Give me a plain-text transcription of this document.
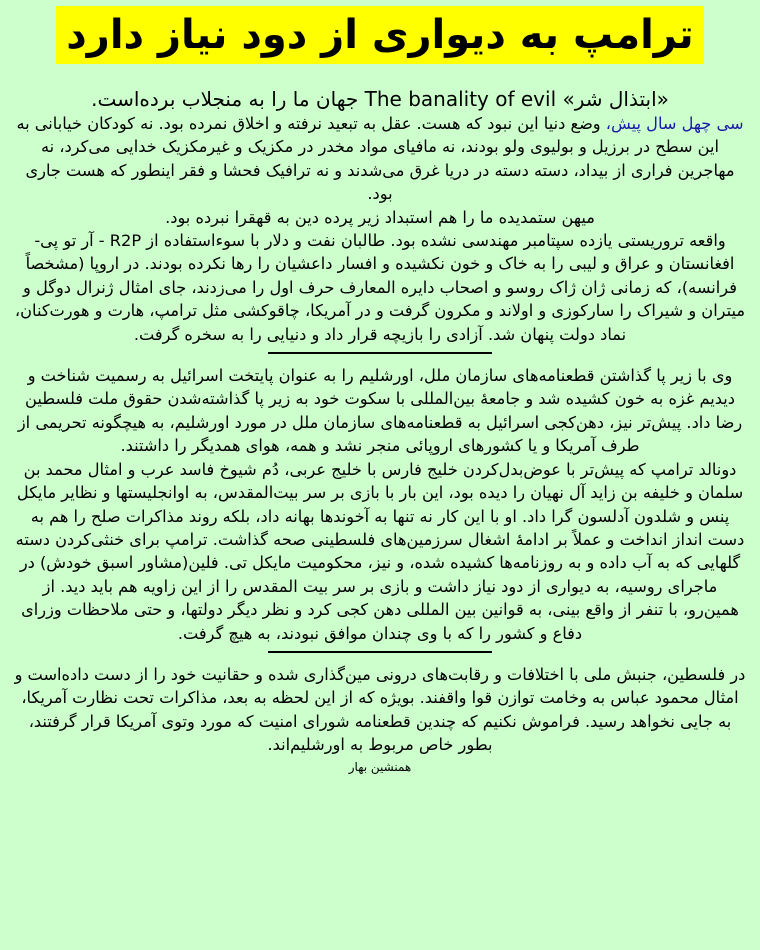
ترامپ به دیواری از دود نیاز دارد

«ابتذال شر» The banality of evil جهان ما را به منجلاب برده‌است.

سی چهل سال پیش، وضع دنیا این نبود که هست. عقل به تبعید نرفته و اخلاق نمرده بود. نه کودکان خیابانی به این سطح در برزیل و بولیوی ولو بودند، نه مافیای مواد مخدر در مکزیک و غیرمکزیک خدایی می‌کرد، نه مهاجرین فراری از بیداد، دسته دسته در دریا غرق می‌شدند و نه ترافیک فحشا و فقر اینطور که هست جاری بود.

میهن ستمدیده ما را هم استبداد زیر پرده دین به قهقرا نبرده بود.

واقعه تروریستی یازده سپتامبر مهندسی نشده بود. طالبان نفت و دلار با سوءاستفاده از R2P - آر تو پی- افغانستان و عراق و لیبی را به خاک و خون نکشیده و افسار داعشیان را رها نکرده بودند. در اروپا (مشخصاً فرانسه)، که زمانی ژان ژاک روسو و اصحاب دایره المعارف حرف اول را می‌زدند، جای امثال ژنرال دوگل و میتران و شیراک را سارکوزی و اولاند و مکرون گرفت و در آمریکا، چاقوکشی مثل ترامپ، هارت و هورت‌کنان، نماد دولت پنهان شد. آزادی را بازیچه قرار داد و دنیایی را به سخره گرفت.

وی با زیر پا گذاشتن قطعنامه‌های سازمان ملل، اورشلیم را به عنوان پایتخت اسرائیل به رسمیت شناخت و دیدیم غزه به خون کشیده شد و جامعهٔ بین‌المللی با سکوت خود به زیر پا گذاشته‌شدن حقوق ملت فلسطین رضا داد. پیش‌تر نیز، دهن‌کجی اسرائیل به قطعنامه‌های سازمان ملل در مورد اورشلیم، به هیچگونه تحریمی از طرف آمریکا و یا کشورهای اروپائی منجر نشد و همه، هوای همدیگر را داشتند.

دونالد ترامپ که پیش‌تر با عوض‌بدل‌کردن خلیج فارس با خلیج عربی، دُم شیوخ فاسد عرب و امثال محمد بن سلمان و خلیفه بن زاید آل نهیان را دیده بود، این بار با بازی بر سر بیت‌المقدس، به اوانجلیستها و نظایر مایکل پنس و شلدون آدلسون گرا داد. او با این کار نه تنها به آخوندها بهانه داد، بلکه روند مذاکرات صلح را هم به دست انداز انداخت و عملاً بر ادامهٔ اشغال سرزمین‌های فلسطینی صحه گذاشت. ترامپ برای خنثی‌کردن دسته گلهایی که به آب داده و به روزنامه‌ها کشیده شده، و نیز، محکومیت مایکل تی. فلین(مشاور اسبق خودش) در ماجرای روسیه، به دیواری از دود نیاز داشت و بازی بر سر بیت المقدس را از این زاویه هم باید دید. از همین‌رو، با تنفر از واقع بینی، به قوانین بین المللی دهن کجی کرد و نظر دیگر دولتها، و حتی ملاحظات وزرای دفاع و کشور را که با وی چندان موافق نبودند، به هیچ گرفت.

در فلسطین، جنبش ملی با اختلافات و رقابت‌های درونی مین‌گذاری شده و حقانیت خود را از دست داده‌است و امثال محمود عباس به وخامت توازن قوا واقفند. بویژه که از این لحظه به بعد، مذاکرات تحت نظارت آمریکا، به جایی نخواهد رسید. فراموش نکنیم که چندین قطعنامه شورای امنیت که مورد وتوی آمریکا قرار گرفتند، بطور خاص مربوط به اورشلیم‌اند.

همنشین بهار
